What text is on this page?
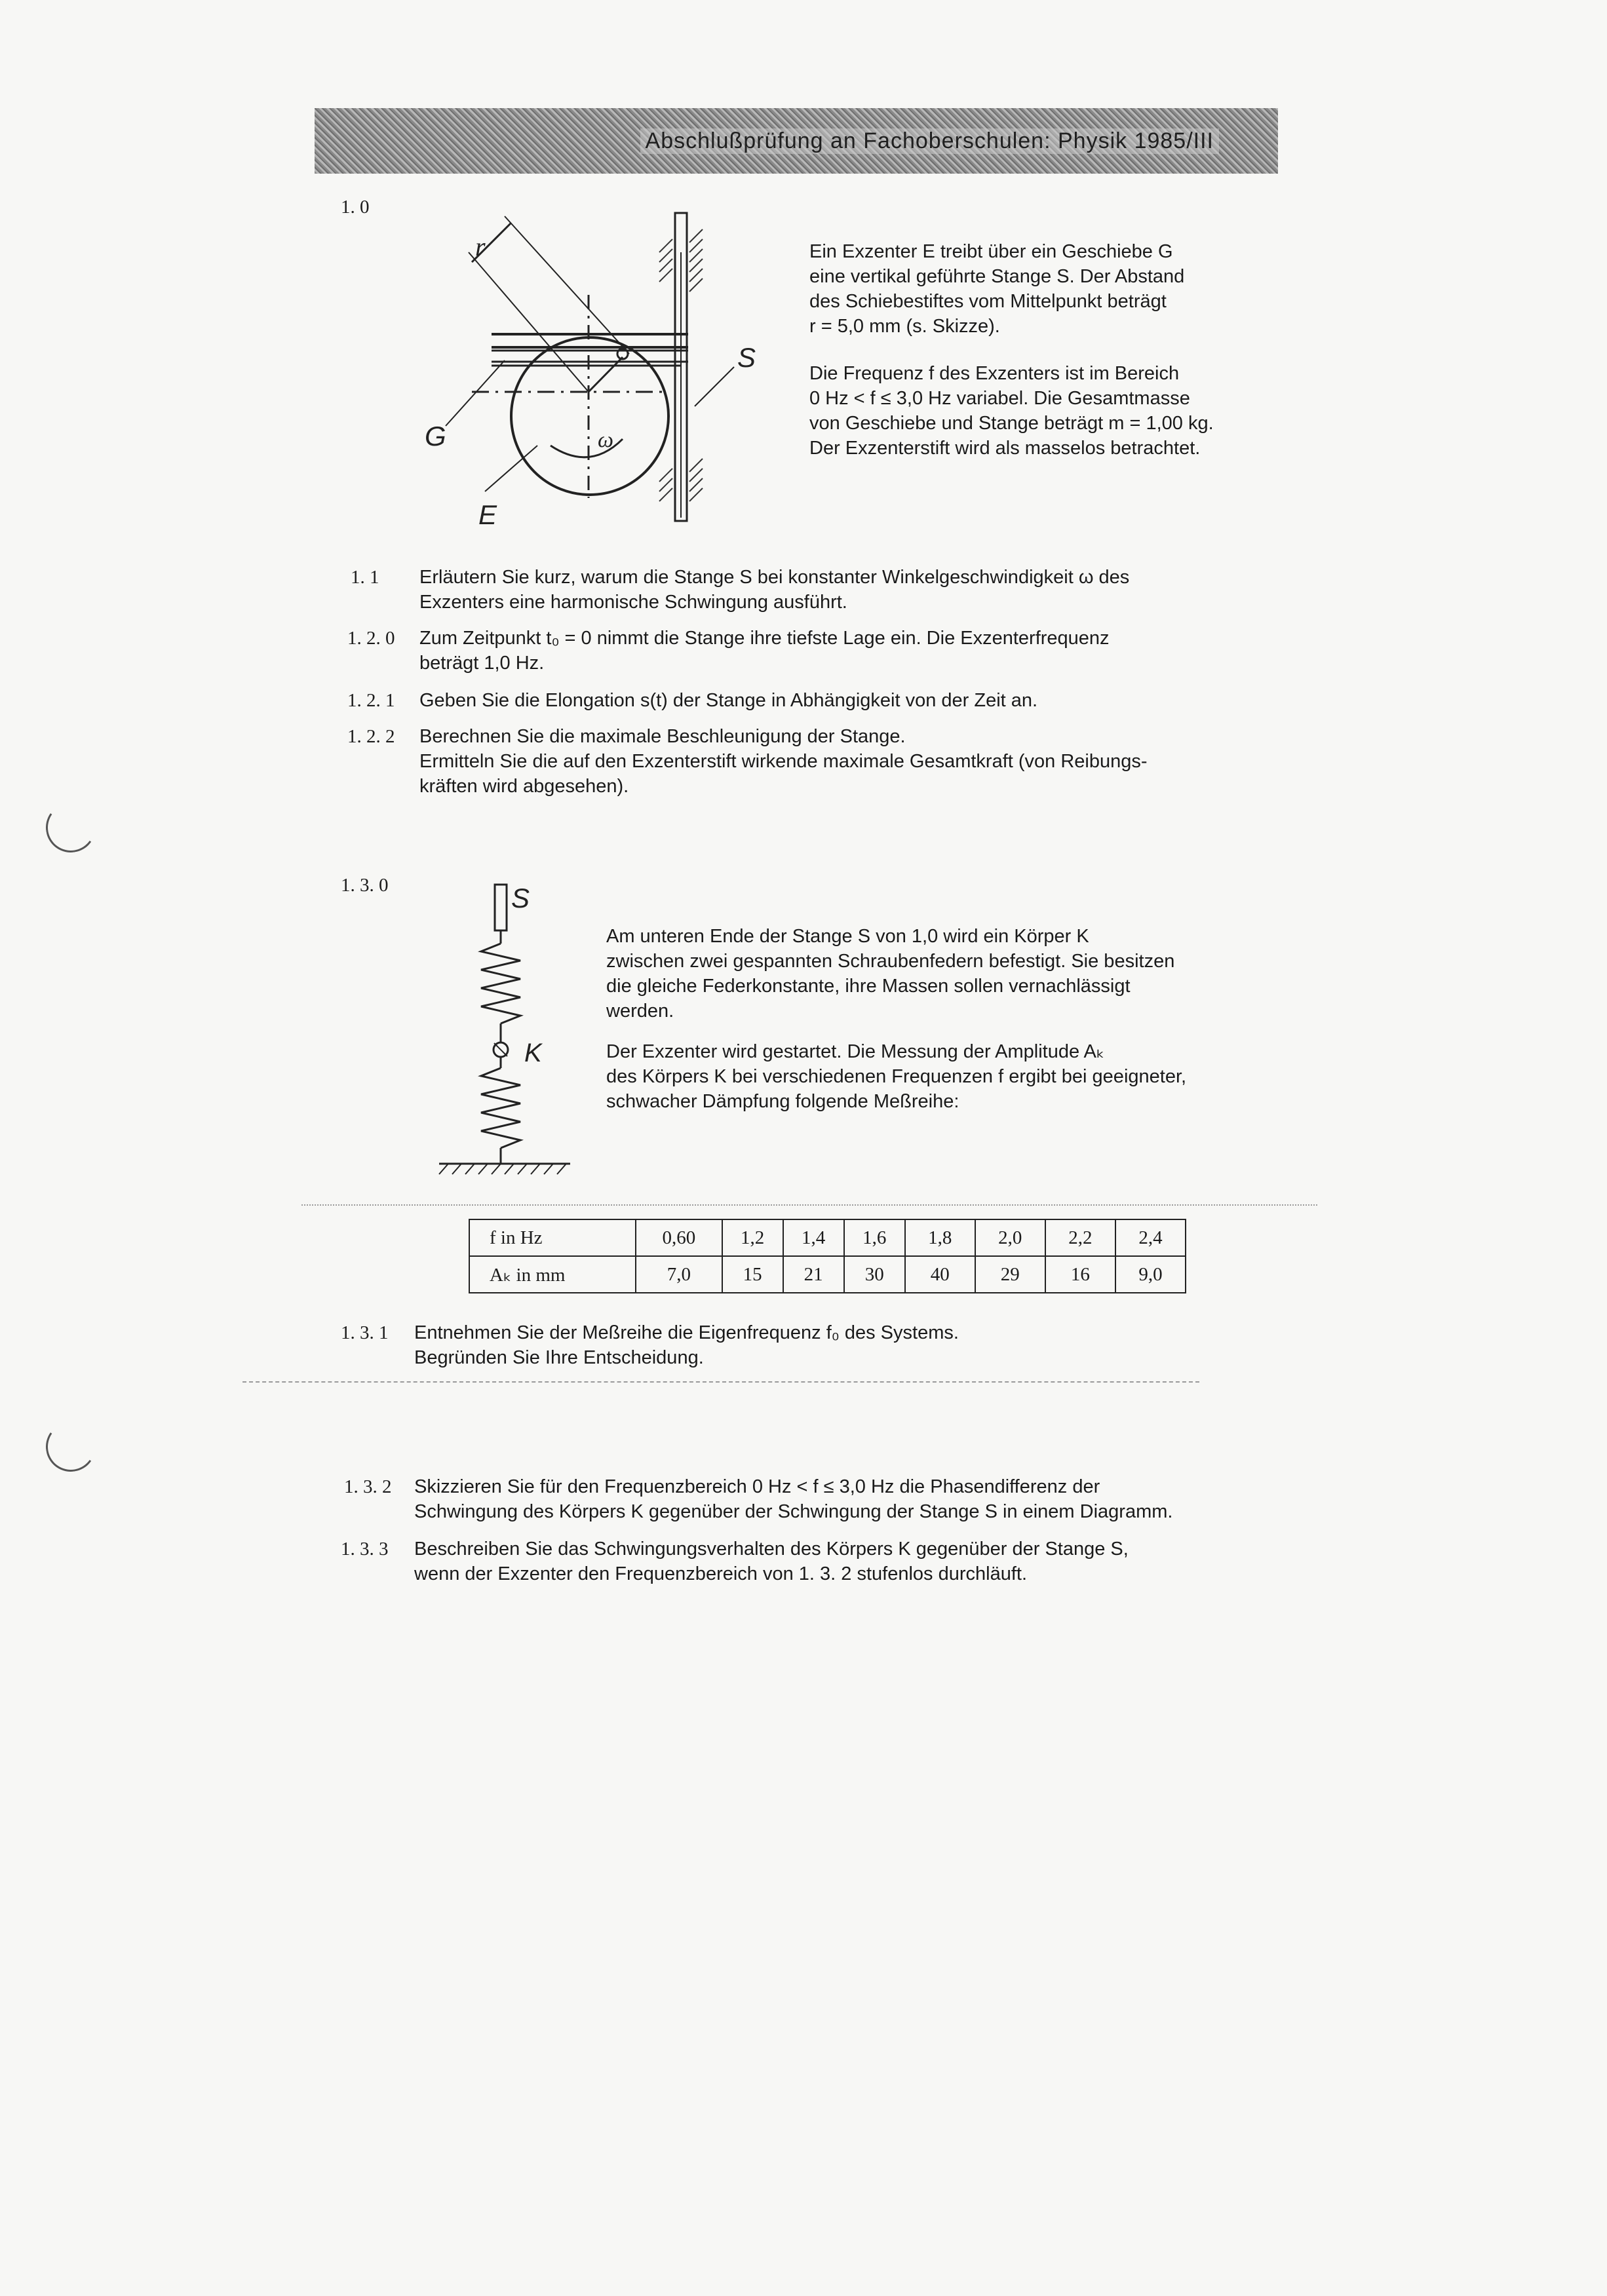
Abschlußprüfung an Fachoberschulen: Physik 1985/III
1. 0
r
ω
G
E
S
Ein Exzenter E treibt über ein Geschiebe G
eine vertikal geführte Stange S. Der Abstand
des Schiebestiftes vom Mittelpunkt beträgt
r = 5,0 mm (s. Skizze).
Die Frequenz f des Exzenters ist im Bereich
0 Hz < f ≤ 3,0 Hz variabel. Die Gesamtmasse
von Geschiebe und Stange beträgt m = 1,00 kg.
Der Exzenterstift wird als masselos betrachtet.
1. 1 Erläutern Sie kurz, warum die Stange S bei konstanter Winkelgeschwindigkeit ω des
Exzenters eine harmonische Schwingung ausführt.
1. 2. 0 Zum Zeitpunkt t₀ = 0 nimmt die Stange ihre tiefste Lage ein. Die Exzenterfrequenz
beträgt 1,0 Hz.
1. 2. 1 Geben Sie die Elongation s(t) der Stange in Abhängigkeit von der Zeit an.
1. 2. 2 Berechnen Sie die maximale Beschleunigung der Stange.
Ermitteln Sie die auf den Exzenterstift wirkende maximale Gesamtkraft (von Reibungs-
kräften wird abgesehen).
1. 3. 0	S
K
Am unteren Ende der Stange S von 1,0 wird ein Körper K
zwischen zwei gespannten Schraubenfedern befestigt. Sie besitzen
die gleiche Federkonstante, ihre Massen sollen vernachlässigt
werden.
Der Exzenter wird gestartet. Die Messung der Amplitude Aₖ
des Körpers K bei verschiedenen Frequenzen f ergibt bei geeigneter,
schwacher Dämpfung folgende Meßreihe:
f in Hz	0,60	1,2	1,4	1,6	1,8	2,0	2,2	2,4
Aₖ in mm	7,0	15	21	30	40	29	16	9,0
1. 3. 1 Entnehmen Sie der Meßreihe die Eigenfrequenz f₀ des Systems.
Begründen Sie Ihre Entscheidung.
1. 3. 2 Skizzieren Sie für den Frequenzbereich 0 Hz < f ≤ 3,0 Hz die Phasendifferenz der
Schwingung des Körpers K gegenüber der Schwingung der Stange S in einem Diagramm.
1. 3. 3 Beschreiben Sie das Schwingungsverhalten des Körpers K gegenüber der Stange S,
wenn der Exzenter den Frequenzbereich von 1. 3. 2 stufenlos durchläuft.
